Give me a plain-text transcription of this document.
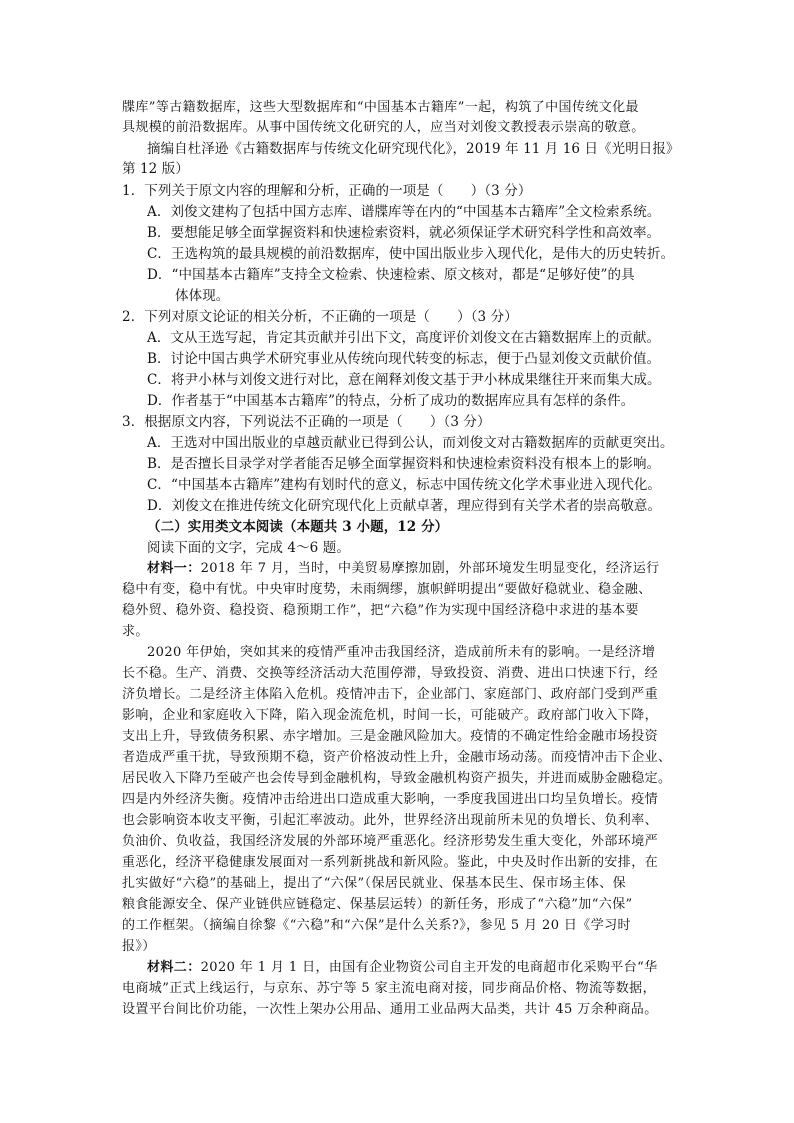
牒库”等古籍数据库，这些大型数据库和“中国基本古籍库”一起，构筑了中国传统文化最
具规模的前沿数据库。从事中国传统文化研究的人，应当对刘俊文教授表示崇高的敬意。
摘编自杜泽逊《古籍数据库与传统文化研究现代化》，2019 年 11 月 16 日《光明日报》
第 12 版）
1．下列关于原文内容的理解和分析，正确的一项是（　　）（3 分）
A．刘俊文建构了包括中国方志库、谱牒库等在内的“中国基本古籍库”全文检索系统。
B．要想能足够全面掌握资料和快速检索资料，就必须保证学术研究科学性和高效率。
C．王选构筑的最具规模的前沿数据库，使中国出版业步入现代化，是伟大的历史转折。
D．“中国基本古籍库”支持全文检索、快速检索、原文核对，都是“足够好使”的具
体体现。
2．下列对原文论证的相关分析，不正确的一项是（　　）（3 分）
A．文从王选写起，肯定其贡献并引出下文，高度评价刘俊文在古籍数据库上的贡献。
B．讨论中国古典学术研究事业从传统向现代转变的标志，便于凸显刘俊文贡献价值。
C．将尹小林与刘俊文进行对比，意在阐释刘俊文基于尹小林成果继往开来而集大成。
D．作者基于“中国基本古籍库”的特点，分析了成功的数据库应具有怎样的条件。
3．根据原文内容，下列说法不正确的一项是（　　）（3 分）
A．王选对中国出版业的卓越贡献业已得到公认，而刘俊文对古籍数据库的贡献更突出。
B．是否擅长目录学对学者能否足够全面掌握资料和快速检索资料没有根本上的影响。
C．“中国基本古籍库”建构有划时代的意义，标志中国传统文化学术事业进入现代化。
D．刘俊文在推进传统文化研究现代化上贡献卓著，理应得到有关学术者的崇高敬意。
（二）实用类文本阅读（本题共 3 小题，12 分）
阅读下面的文字，完成 4～6 题。
材料一：2018 年 7 月，当时，中美贸易摩擦加剧，外部环境发生明显变化，经济运行
稳中有变，稳中有忧。中央审时度势，未雨绸缪，旗帜鲜明提出“要做好稳就业、稳金融、
稳外贸、稳外资、稳投资、稳预期工作”，把“六稳”作为实现中国经济稳中求进的基本要
求。
2020 年伊始，突如其来的疫情严重冲击我国经济，造成前所未有的影响。一是经济增
长不稳。生产、消费、交换等经济活动大范围停滞，导致投资、消费、进出口快速下行，经
济负增长。二是经济主体陷入危机。疫情冲击下，企业部门、家庭部门、政府部门受到严重
影响，企业和家庭收入下降，陷入现金流危机，时间一长，可能破产。政府部门收入下降，
支出上升，导致债务积累、赤字增加。三是金融风险加大。疫情的不确定性给金融市场投资
者造成严重干扰，导致预期不稳，资产价格波动性上升，金融市场动荡。而疫情冲击下企业、
居民收入下降乃至破产也会传导到金融机构，导致金融机构资产损失，并进而威胁金融稳定。
四是内外经济失衡。疫情冲击给进出口造成重大影响，一季度我国进出口均呈负增长。疫情
也会影响资本收支平衡，引起汇率波动。此外，世界经济出现前所未见的负增长、负利率、
负油价、负收益，我国经济发展的外部环境严重恶化。经济形势发生重大变化，外部环境严
重恶化，经济平稳健康发展面对一系列新挑战和新风险。鉴此，中央及时作出新的安排，在
扎实做好“六稳”的基础上，提出了“六保”（保居民就业、保基本民生、保市场主体、保
粮食能源安全、保产业链供应链稳定、保基层运转）的新任务，形成了“六稳”加“六保”
的工作框架。（摘编自徐黎《“六稳”和“六保”是什么关系?》，参见 5 月 20 日《学习时
报》）
材料二：2020 年 1 月 1 日，由国有企业物资公司自主开发的电商超市化采购平台“华
电商城”正式上线运行，与京东、苏宁等 5 家主流电商对接，同步商品价格、物流等数据，
设置平台间比价功能，一次性上架办公用品、通用工业品两大品类，共计 45 万余种商品。
